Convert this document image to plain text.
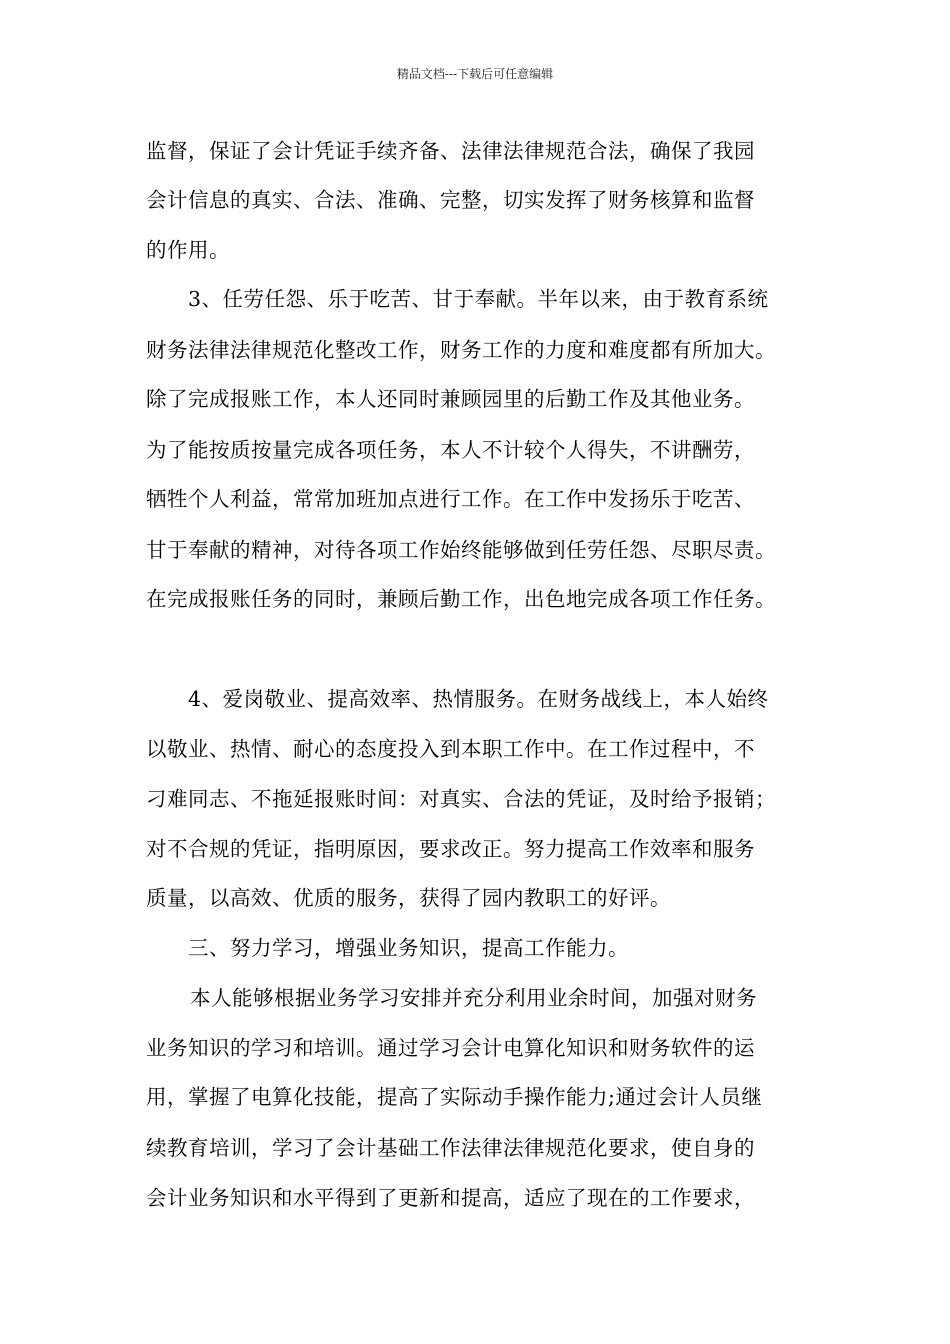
精品文档---下载后可任意编辑
监督，保证了会计凭证手续齐备、法律法律规范合法，确保了我园
会计信息的真实、合法、准确、完整，切实发挥了财务核算和监督
的作用。
3、任劳任怨、乐于吃苦、甘于奉献。半年以来，由于教育系统
财务法律法律规范化整改工作，财务工作的力度和难度都有所加大。
除了完成报账工作，本人还同时兼顾园里的后勤工作及其他业务。
为了能按质按量完成各项任务，本人不计较个人得失，不讲酬劳，
牺牲个人利益，常常加班加点进行工作。在工作中发扬乐于吃苦、
甘于奉献的精神，对待各项工作始终能够做到任劳任怨、尽职尽责。
在完成报账任务的同时，兼顾后勤工作，出色地完成各项工作任务。
4、爱岗敬业、提高效率、热情服务。在财务战线上，本人始终
以敬业、热情、耐心的态度投入到本职工作中。在工作过程中，不
刁难同志、不拖延报账时间：对真实、合法的凭证，及时给予报销；
对不合规的凭证，指明原因，要求改正。努力提高工作效率和服务
质量，以高效、优质的服务，获得了园内教职工的好评。
三、努力学习，增强业务知识，提高工作能力。
本人能够根据业务学习安排并充分利用业余时间，加强对财务
业务知识的学习和培训。通过学习会计电算化知识和财务软件的运
用，掌握了电算化技能，提高了实际动手操作能力;通过会计人员继
续教育培训，学习了会计基础工作法律法律规范化要求，使自身的
会计业务知识和水平得到了更新和提高，适应了现在的工作要求，
